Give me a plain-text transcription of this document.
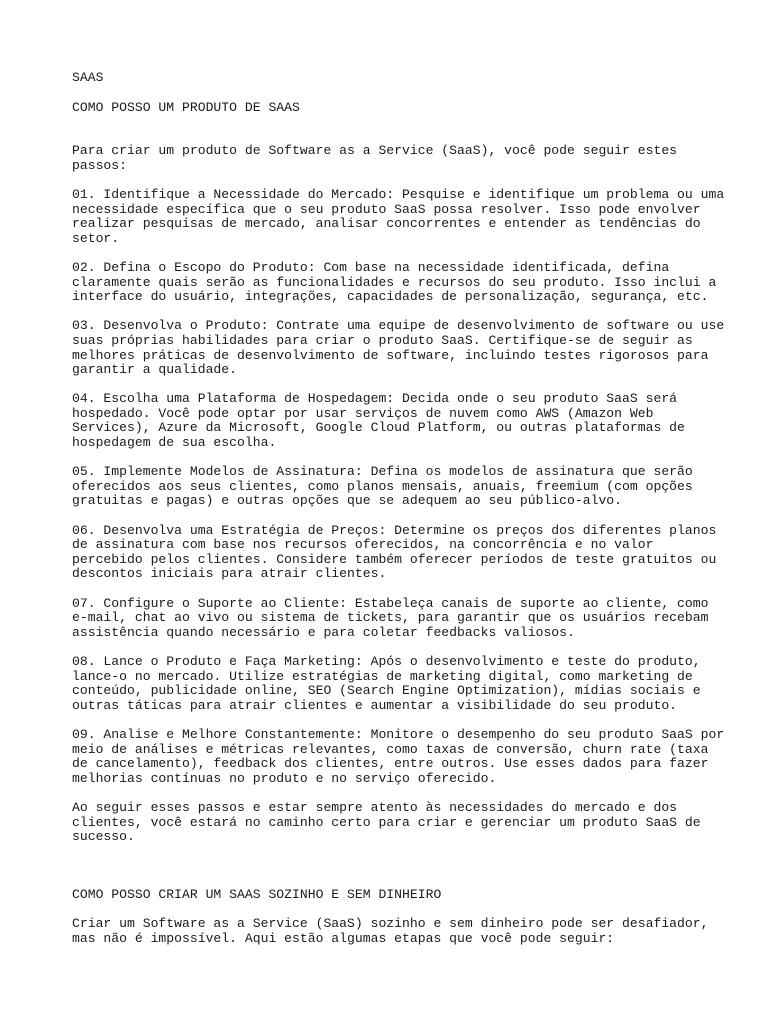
SAAS
COMO POSSO UM PRODUTO DE SAAS
Para criar um produto de Software as a Service (SaaS), você pode seguir estes
passos:
01. Identifique a Necessidade do Mercado: Pesquise e identifique um problema ou uma
necessidade específica que o seu produto SaaS possa resolver. Isso pode envolver
realizar pesquisas de mercado, analisar concorrentes e entender as tendências do
setor.
02. Defina o Escopo do Produto: Com base na necessidade identificada, defina
claramente quais serão as funcionalidades e recursos do seu produto. Isso inclui a
interface do usuário, integrações, capacidades de personalização, segurança, etc.
03. Desenvolva o Produto: Contrate uma equipe de desenvolvimento de software ou use
suas próprias habilidades para criar o produto SaaS. Certifique-se de seguir as
melhores práticas de desenvolvimento de software, incluindo testes rigorosos para
garantir a qualidade.
04. Escolha uma Plataforma de Hospedagem: Decida onde o seu produto SaaS será
hospedado. Você pode optar por usar serviços de nuvem como AWS (Amazon Web
Services), Azure da Microsoft, Google Cloud Platform, ou outras plataformas de
hospedagem de sua escolha.
05. Implemente Modelos de Assinatura: Defina os modelos de assinatura que serão
oferecidos aos seus clientes, como planos mensais, anuais, freemium (com opções
gratuitas e pagas) e outras opções que se adequem ao seu público-alvo.
06. Desenvolva uma Estratégia de Preços: Determine os preços dos diferentes planos
de assinatura com base nos recursos oferecidos, na concorrência e no valor
percebido pelos clientes. Considere também oferecer períodos de teste gratuitos ou
descontos iniciais para atrair clientes.
07. Configure o Suporte ao Cliente: Estabeleça canais de suporte ao cliente, como
e-mail, chat ao vivo ou sistema de tickets, para garantir que os usuários recebam
assistência quando necessário e para coletar feedbacks valiosos.
08. Lance o Produto e Faça Marketing: Após o desenvolvimento e teste do produto,
lance-o no mercado. Utilize estratégias de marketing digital, como marketing de
conteúdo, publicidade online, SEO (Search Engine Optimization), mídias sociais e
outras táticas para atrair clientes e aumentar a visibilidade do seu produto.
09. Analise e Melhore Constantemente: Monitore o desempenho do seu produto SaaS por
meio de análises e métricas relevantes, como taxas de conversão, churn rate (taxa
de cancelamento), feedback dos clientes, entre outros. Use esses dados para fazer
melhorias contínuas no produto e no serviço oferecido.
Ao seguir esses passos e estar sempre atento às necessidades do mercado e dos
clientes, você estará no caminho certo para criar e gerenciar um produto SaaS de
sucesso.
COMO POSSO CRIAR UM SAAS SOZINHO E SEM DINHEIRO
Criar um Software as a Service (SaaS) sozinho e sem dinheiro pode ser desafiador,
mas não é impossível. Aqui estão algumas etapas que você pode seguir:
